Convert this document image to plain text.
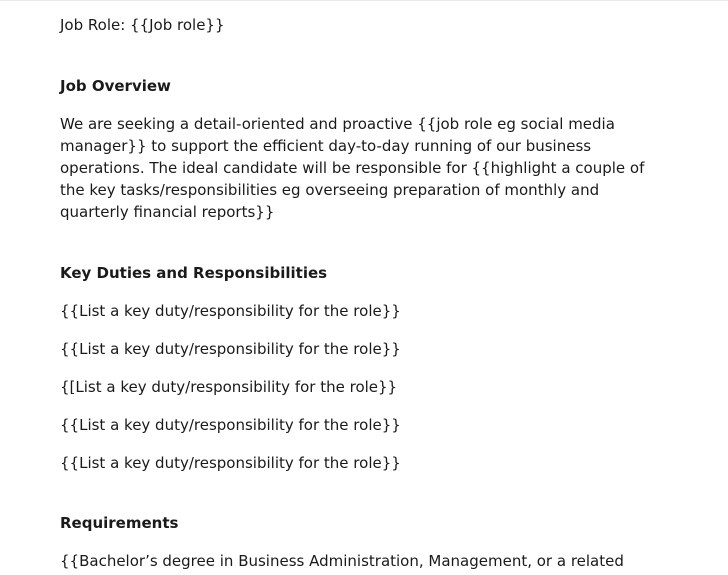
Job Role: {{Job role}}

Job Overview

We are seeking a detail-oriented and proactive {{job role eg social media
manager}} to support the efficient day-to-day running of our business
operations. The ideal candidate will be responsible for {{highlight a couple of
the key tasks/responsibilities eg overseeing preparation of monthly and
quarterly financial reports}}

Key Duties and Responsibilities

{{List a key duty/responsibility for the role}}

{{List a key duty/responsibility for the role}}

{[List a key duty/responsibility for the role}}

{{List a key duty/responsibility for the role}}

{{List a key duty/responsibility for the role}}

Requirements

{{Bachelor’s degree in Business Administration, Management, or a related
